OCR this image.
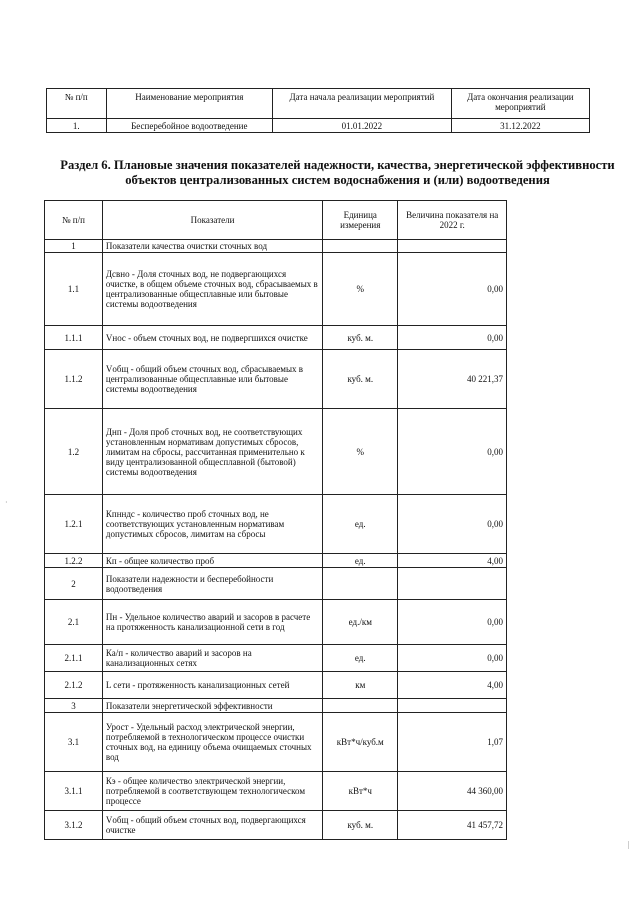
№ п/п	Наименование мероприятия	Дата начала реализации мероприятий	Дата окончания реализации мероприятий
1.	Бесперебойное водоотведение	01.01.2022	31.12.2022
Раздел 6. Плановые значения показателей надежности, качества, энергетической эффективности
объектов централизованных систем водоснабжения и (или) водоотведения
№ п/п	Показатели	Единица измерения	Величина показателя на 2022 г.
1	Показатели качества очистки сточных вод		
1.1	Дсвно - Доля сточных вод, не подвергающихся очистке, в общем объеме сточных вод, сбрасываемых в централизованные общесплавные или бытовые системы водоотведения	%	0,00
1.1.1	Vнос - объем сточных вод, не подвергшихся очистке	куб. м.	0,00
1.1.2	Vобщ - общий объем сточных вод, сбрасываемых в централизованные общесплавные или бытовые системы водоотведения	куб. м.	40 221,37
1.2	Днп - Доля проб сточных вод, не соответствующих установленным нормативам допустимых сбросов, лимитам на сбросы, рассчитанная применительно к виду централизованной общесплавной (бытовой) системы водоотведения	%	0,00
1.2.1	Кпнндс - количество проб сточных вод, не соответствующих установленным нормативам допустимых сбросов, лимитам на сбросы	ед.	0,00
1.2.2	Кп - общее количество проб	ед.	4,00
2	Показатели надежности и бесперебойности водоотведения		
2.1	Пн - Удельное количество аварий и засоров в расчете на протяженность канализационной сети в год	ед./км	0,00
2.1.1	Ка/п - количество аварий и засоров на канализационных сетях	ед.	0,00
2.1.2	L сети - протяженность канализационных сетей	км	4,00
3	Показатели энергетической эффективности		
3.1	Урост - Удельный расход электрической энергии, потребляемой в технологическом процессе очистки сточных вод, на единицу объема очищаемых сточных вод	кВт*ч/куб.м	1,07
3.1.1	Кэ - общее количество электрической энергии, потребляемой в соответствующем технологическом процессе	кВт*ч	44 360,00
3.1.2	Vобщ - общий объем сточных вод, подвергающихся очистке	куб. м.	41 457,72
·
|
